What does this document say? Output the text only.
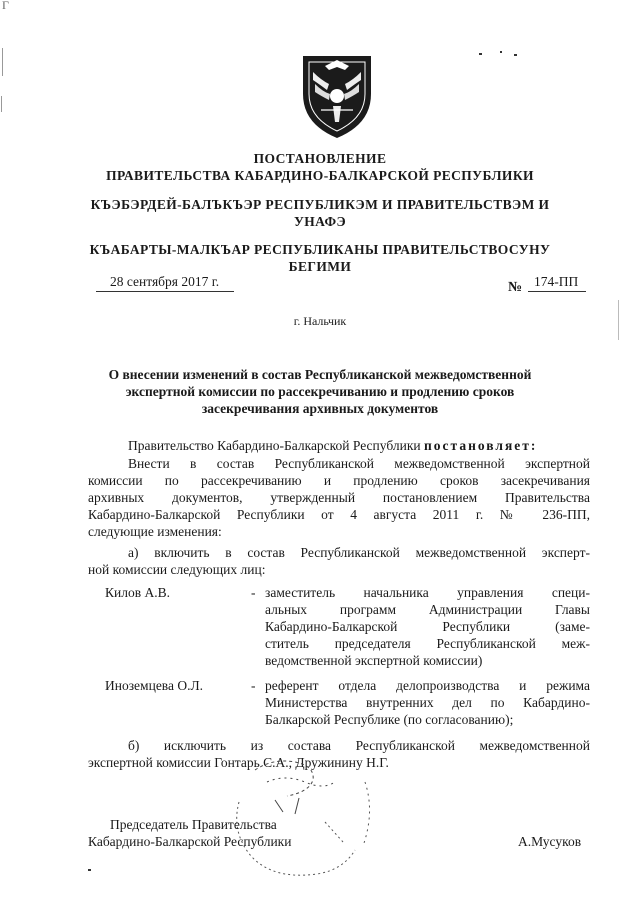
Г
ПОСТАНОВЛЕНИЕ
ПРАВИТЕЛЬСТВА КАБАРДИНО-БАЛКАРСКОЙ РЕСПУБЛИКИ
КЪЭБЭРДЕЙ-БАЛЪКЪЭР РЕСПУБЛИКЭМ И ПРАВИТЕЛЬСТВЭМ И
УНАФЭ
КЪАБАРТЫ-МАЛКЪАР РЕСПУБЛИКАНЫ ПРАВИТЕЛЬСТВОСУНУ
БЕГИМИ
28 сентября 2017 г.	№ 174-ПП
г. Нальчик
О внесении изменений в состав Республиканской межведомственной
экспертной комиссии по рассекречиванию и продлению сроков
засекречивания архивных документов
Правительство Кабардино-Балкарской Республики постановляет:
Внести в состав Республиканской межведомственной экспертной
комиссии по рассекречиванию и продлению сроков засекречивания
архивных документов, утвержденный постановлением Правительства
Кабардино-Балкарской Республики от 4 августа 2011 г. № 236-ПП,
следующие изменения:
а) включить в состав Республиканской межведомственной эксперт-
ной комиссии следующих лиц:
Килов А.В.	- заместитель начальника управления специ-
альных программ Администрации Главы
Кабардино-Балкарской Республики (заме-
ститель председателя Республиканской меж-
ведомственной экспертной комиссии)
Иноземцева О.Л.	- референт отдела делопроизводства и режима
Министерства внутренних дел по Кабардино-
Балкарской Республике (по согласованию);
б) исключить из состава Республиканской межведомственной
экспертной комиссии Гонтарь С.А., Дружинину Н.Г.
Председатель Правительства
Кабардино-Балкарской Республики	А.Мусуков
